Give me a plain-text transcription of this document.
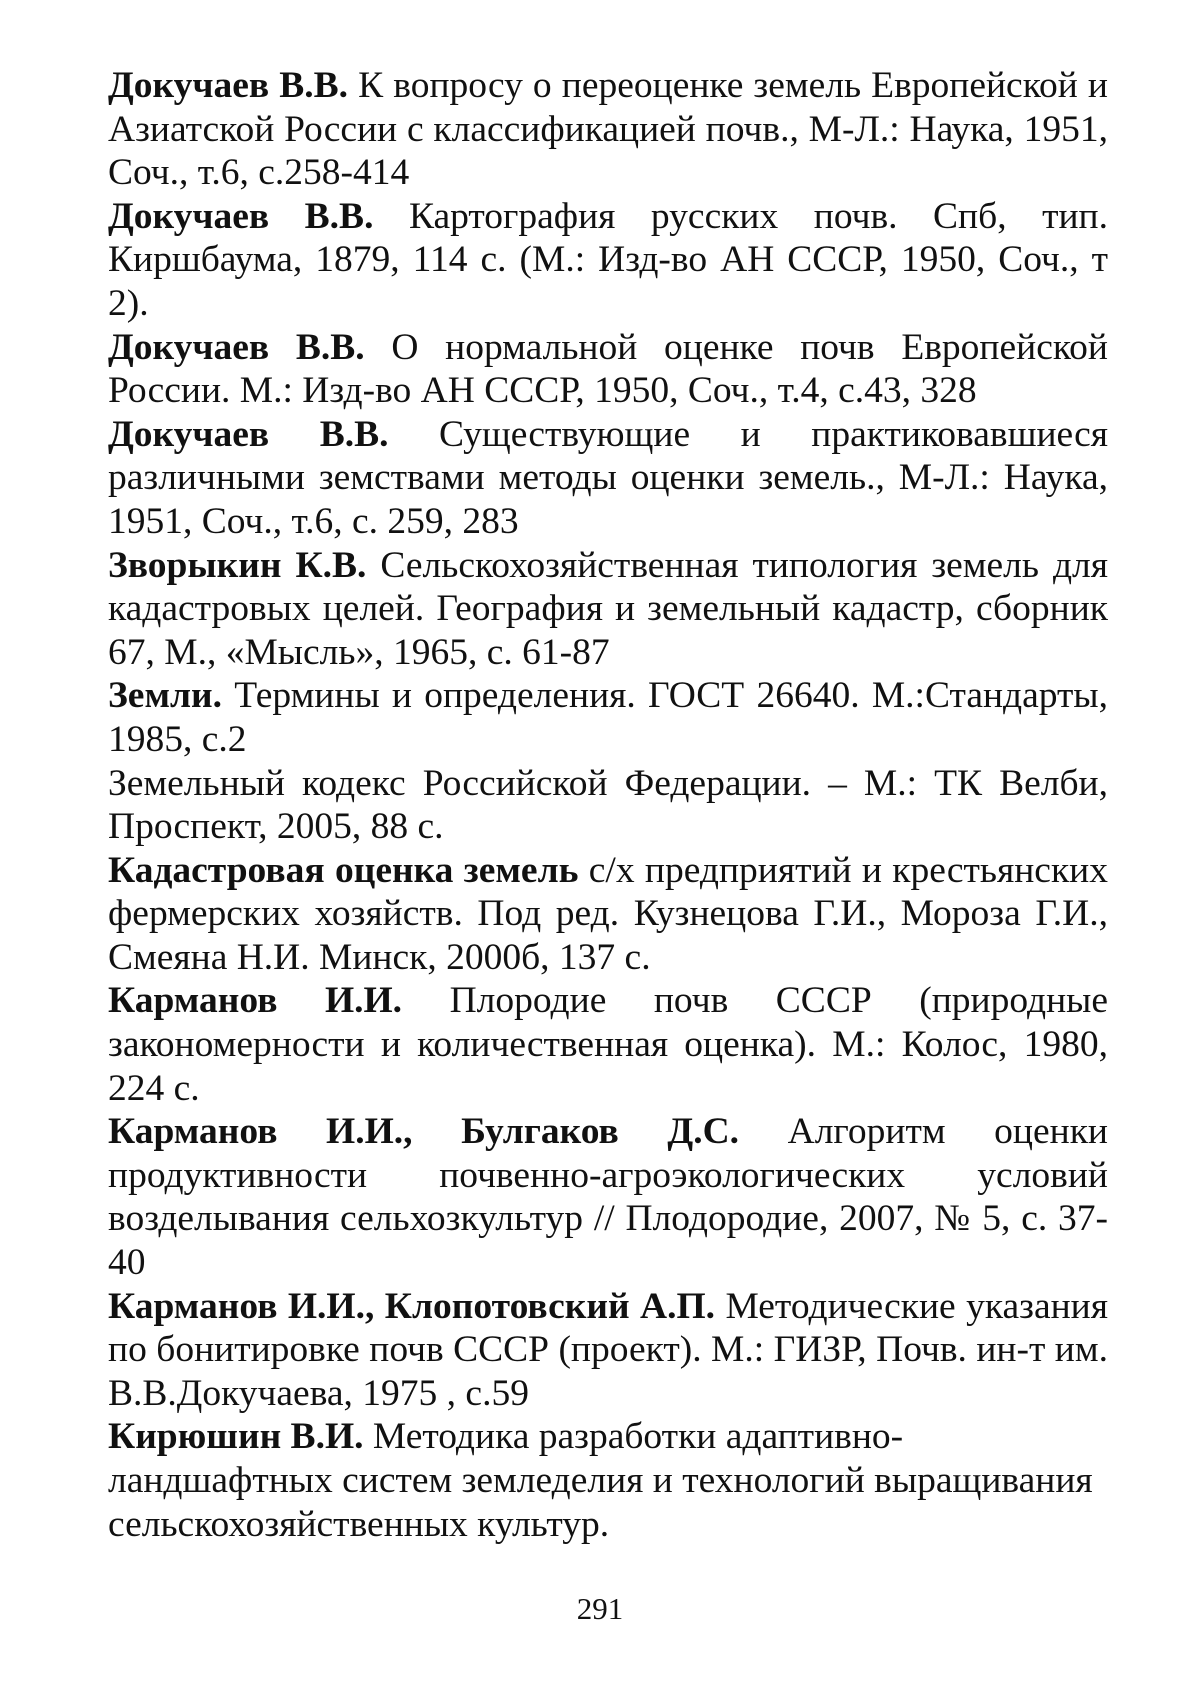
Докучаев В.В. К вопросу о переоценке земель Европейской и Азиатской России с классификацией почв., М-Л.: Наука, 1951, Соч., т.6, с.258-414

Докучаев В.В. Картография русских почв. Спб, тип. Киршбаума, 1879, 114 с. (М.: Изд-во АН СССР, 1950, Соч., т 2).

Докучаев В.В. О нормальной оценке почв Европейской России. М.: Изд-во АН СССР, 1950, Соч., т.4, с.43, 328

Докучаев В.В. Существующие и практиковавшиеся различными земствами методы оценки земель., М-Л.: Наука, 1951, Соч., т.6, с. 259, 283

Зворыкин К.В. Сельскохозяйственная типология земель для кадастровых целей. География и земельный кадастр, сборник 67, М., «Мысль», 1965, с. 61-87

Земли. Термины и определения. ГОСТ 26640. М.:Стандарты, 1985, с.2

Земельный кодекс Российской Федерации. – М.: ТК Велби, Проспект, 2005, 88 с.

Кадастровая оценка земель с/х предприятий и крестьянских фермерских хозяйств. Под ред. Кузнецова Г.И., Мороза Г.И., Смеяна Н.И. Минск, 2000б, 137 с.

Карманов И.И. Плородие почв СССР (природные закономерности и количественная оценка). М.: Колос, 1980, 224 с.

Карманов И.И., Булгаков Д.С. Алгоритм оценки продуктивности почвенно-агроэкологических условий возделывания сельхозкультур // Плодородие, 2007, № 5, с. 37-40

Карманов И.И., Клопотовский А.П. Методические указания по бонитировке почв СССР (проект). М.: ГИЗР, Почв. ин-т им. В.В.Докучаева, 1975 , с.59

Кирюшин В.И. Методика разработки адаптивно-ландшафтных систем земледелия и технологий выращивания сельскохозяйственных культур.

291
